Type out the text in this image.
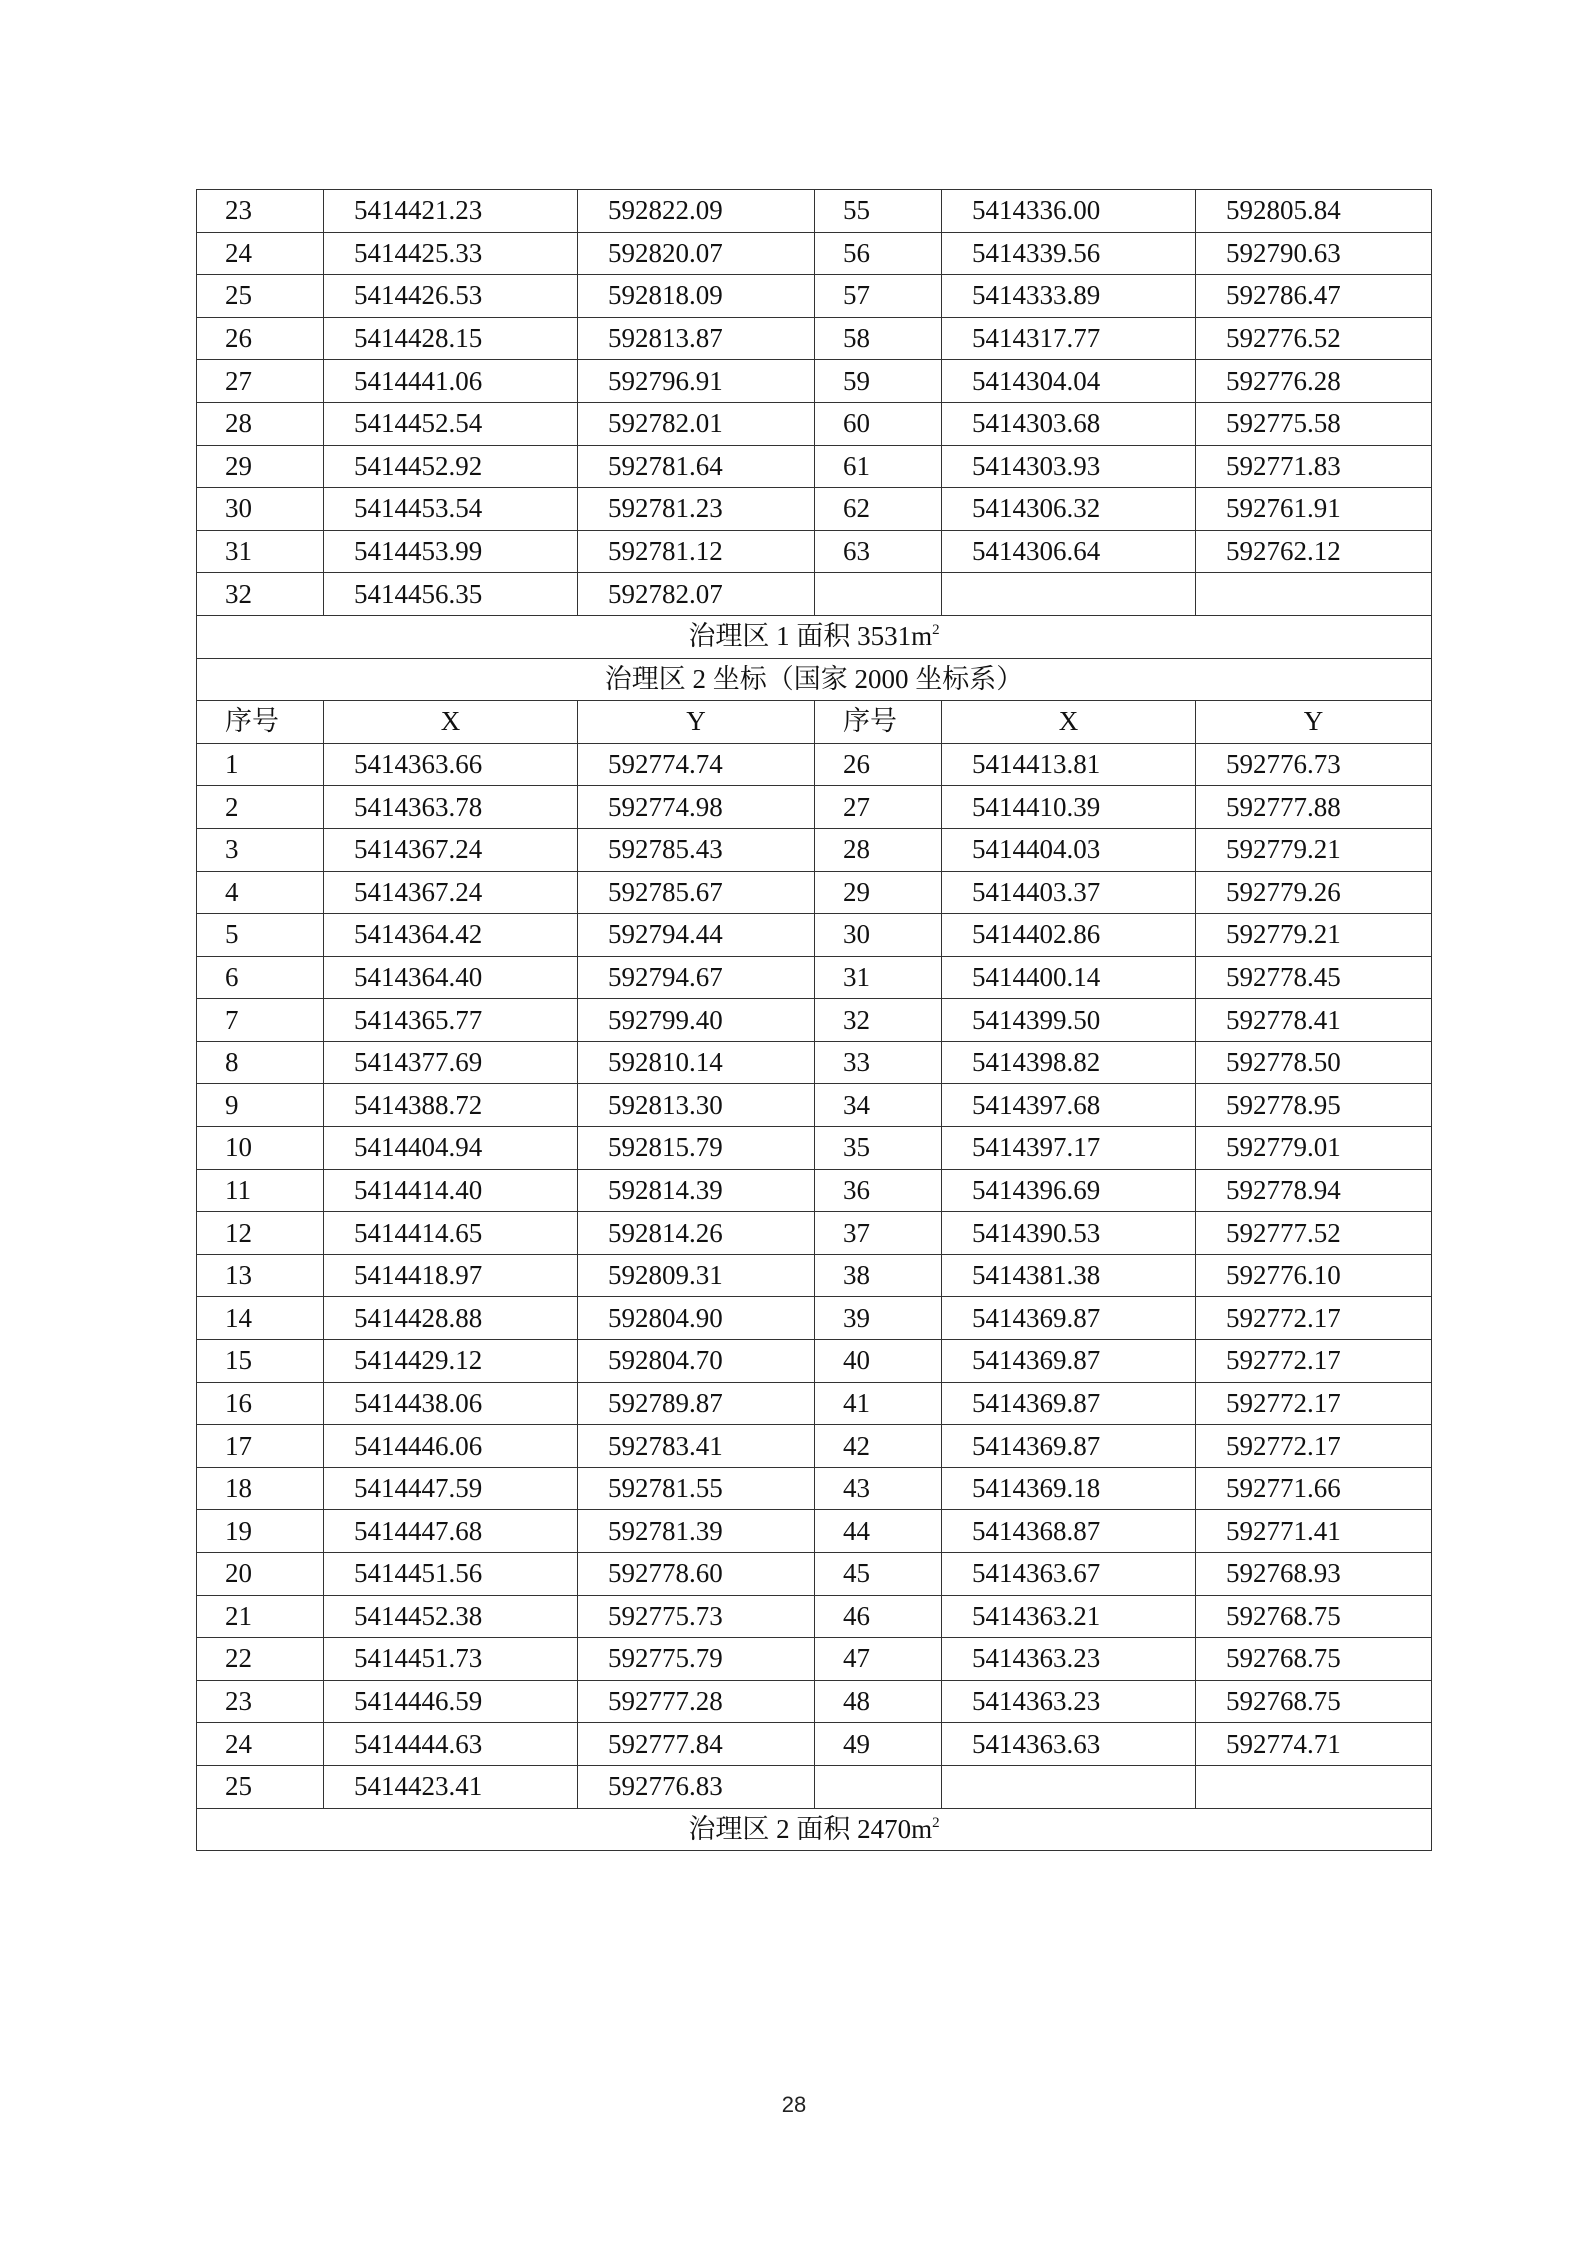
23	5414421.23	592822.09	55	5414336.00	592805.84
24	5414425.33	592820.07	56	5414339.56	592790.63
25	5414426.53	592818.09	57	5414333.89	592786.47
26	5414428.15	592813.87	58	5414317.77	592776.52
27	5414441.06	592796.91	59	5414304.04	592776.28
28	5414452.54	592782.01	60	5414303.68	592775.58
29	5414452.92	592781.64	61	5414303.93	592771.83
30	5414453.54	592781.23	62	5414306.32	592761.91
31	5414453.99	592781.12	63	5414306.64	592762.12
32	5414456.35	592782.07			
治理区 1 面积 $3531m^2$
治理区 2 坐标（国家 2000 坐标系）					
序号	X	Y	序号	X	Y
1	5414363.66	592774.74	26	5414413.81	592776.73
2	5414363.78	592774.98	27	5414410.39	592777.88
3	5414367.24	592785.43	28	5414404.03	592779.21
4	5414367.24	592785.67	29	5414403.37	592779.26
5	5414364.42	592794.44	30	5414402.86	592779.21
6	5414364.40	592794.67	31	5414400.14	592778.45
7	5414365.77	592799.40	32	5414399.50	592778.41
8	5414377.69	592810.14	33	5414398.82	592778.50
9	5414388.72	592813.30	34	5414397.68	592778.95
10	5414404.94	592815.79	35	5414397.17	592779.01
11	5414414.40	592814.39	36	5414396.69	592778.94
12	5414414.65	592814.26	37	5414390.53	592777.52
13	5414418.97	592809.31	38	5414381.38	592776.10
14	5414428.88	592804.90	39	5414369.87	592772.17
15	5414429.12	592804.70	40	5414369.87	592772.17
16	5414438.06	592789.87	41	5414369.87	592772.17
17	5414446.06	592783.41	42	5414369.87	592772.17
18	5414447.59	592781.55	43	5414369.18	592771.66
19	5414447.68	592781.39	44	5414368.87	592771.41
20	5414451.56	592778.60	45	5414363.67	592768.93
21	5414452.38	592775.73	46	5414363.21	592768.75
22	5414451.73	592775.79	47	5414363.23	592768.75
23	5414446.59	592777.28	48	5414363.23	592768.75
24	5414444.63	592777.84	49	5414363.63	592774.71
25	5414423.41	592776.83			
治理区 2 面积 $2470m^2$
28
